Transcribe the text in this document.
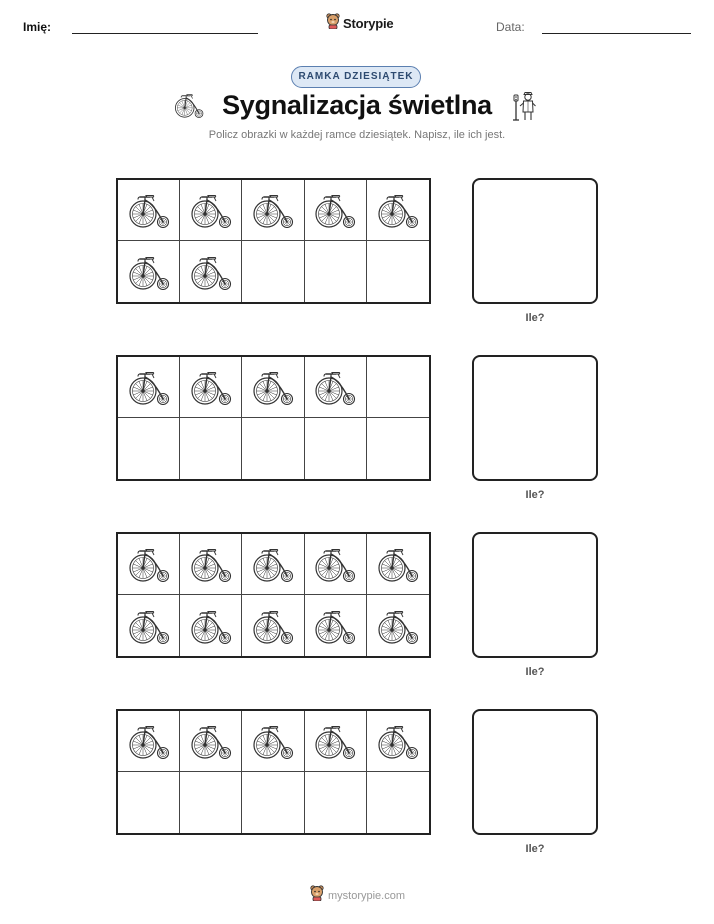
Imię:	Storypie	Data:
RAMKA DZIESIĄTEK
Sygnalizacja świetlna
Policz obrazki w każdej ramce dziesiątek. Napisz, ile ich jest.
Ile?
Ile?
Ile?
Ile?
mystorypie.com
